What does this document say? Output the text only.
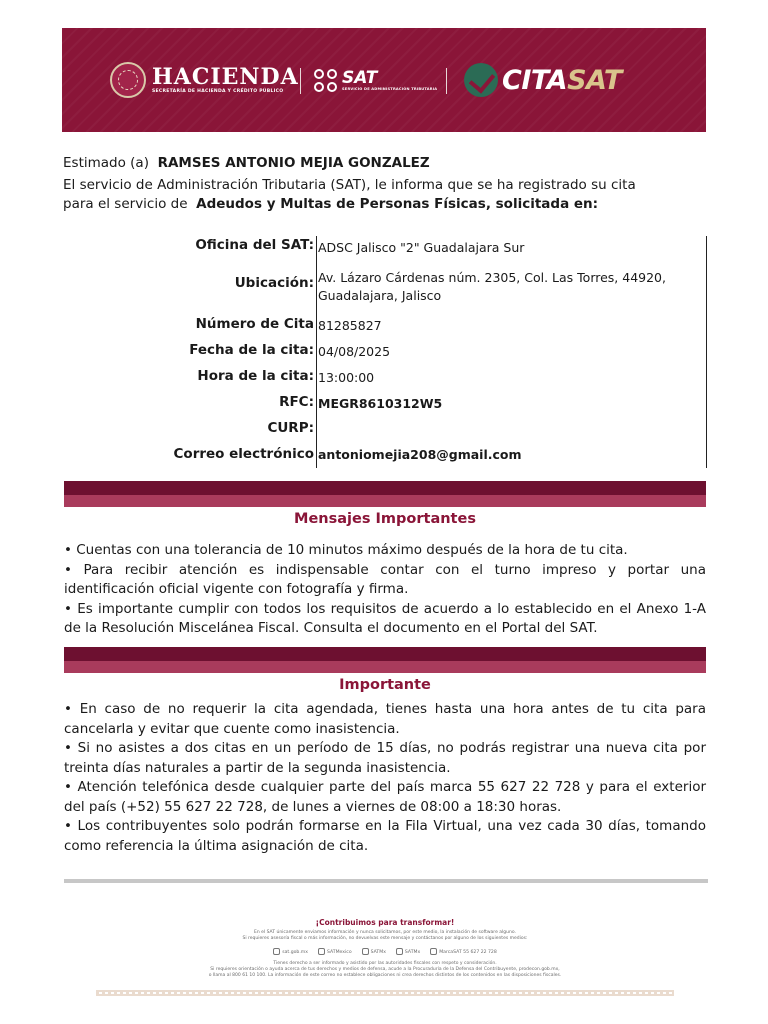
HACIENDA
SECRETARÍA DE HACIENDA Y CRÉDITO PÚBLICO
SAT
SERVICIO DE ADMINISTRACIÓN TRIBUTARIA CITASAT
Estimado (a) RAMSES ANTONIO MEJIA GONZALEZ
El servicio de Administración Tributaria (SAT), le informa que se ha registrado su cita
para el servicio de Adeudos y Multas de Personas Físicas, solicitada en:
Oficina del SAT: ADSC Jalisco "2" Guadalajara Sur
Ubicación: Av. Lázaro Cárdenas núm. 2305, Col. Las Torres, 44920,
Guadalajara, Jalisco
Número de Cita 81285827
Fecha de la cita: 04/08/2025
Hora de la cita: 13:00:00
RFC: MEGR8610312W5
CURP:
Correo electrónico antoniomejia208@gmail.com
Mensajes Importantes

• Cuentas con una tolerancia de 10 minutos máximo después de la hora de tu cita.

• Para recibir atención es indispensable contar con el turno impreso y portar una identificación oficial vigente con fotografía y firma.

• Es importante cumplir con todos los requisitos de acuerdo a lo establecido en el Anexo 1-A de la Resolución Miscelánea Fiscal. Consulta el documento en el Portal del SAT.

Importante

• En caso de no requerir la cita agendada, tienes hasta una hora antes de tu cita para cancelarla y evitar que cuente como inasistencia.

• Si no asistes a dos citas en un período de 15 días, no podrás registrar una nueva cita por treinta días naturales a partir de la segunda inasistencia.

• Atención telefónica desde cualquier parte del país marca 55 627 22 728 y para el exterior del país (+52) 55 627 22 728, de lunes a viernes de 08:00 a 18:30 horas.

• Los contribuyentes solo podrán formarse en la Fila Virtual, una vez cada 30 días, tomando como referencia la última asignación de cita.

¡Contribuimos para transformar!
En el SAT únicamente enviamos información y nunca solicitamos, por este medio, la instalación de software alguno.
Si requieres asesoría fiscal o más información, no devuelvas este mensaje y contáctanos por alguno de los siguientes medios:
sat.gob.mx	SATMexico	SATMx	SATMx	MarcaSAT 55 627 22 728
Tienes derecho a ser informado y asistido por las autoridades fiscales con respeto y consideración.
Si requieres orientación o ayuda acerca de tus derechos y medios de defensa, acude a la Procuraduría de la Defensa del Contribuyente, prodecon.gob.mx,
o llama al 800 61 10 100. La información de este correo no establece obligaciones ni crea derechos distintos de los contenidos en las disposiciones fiscales.
